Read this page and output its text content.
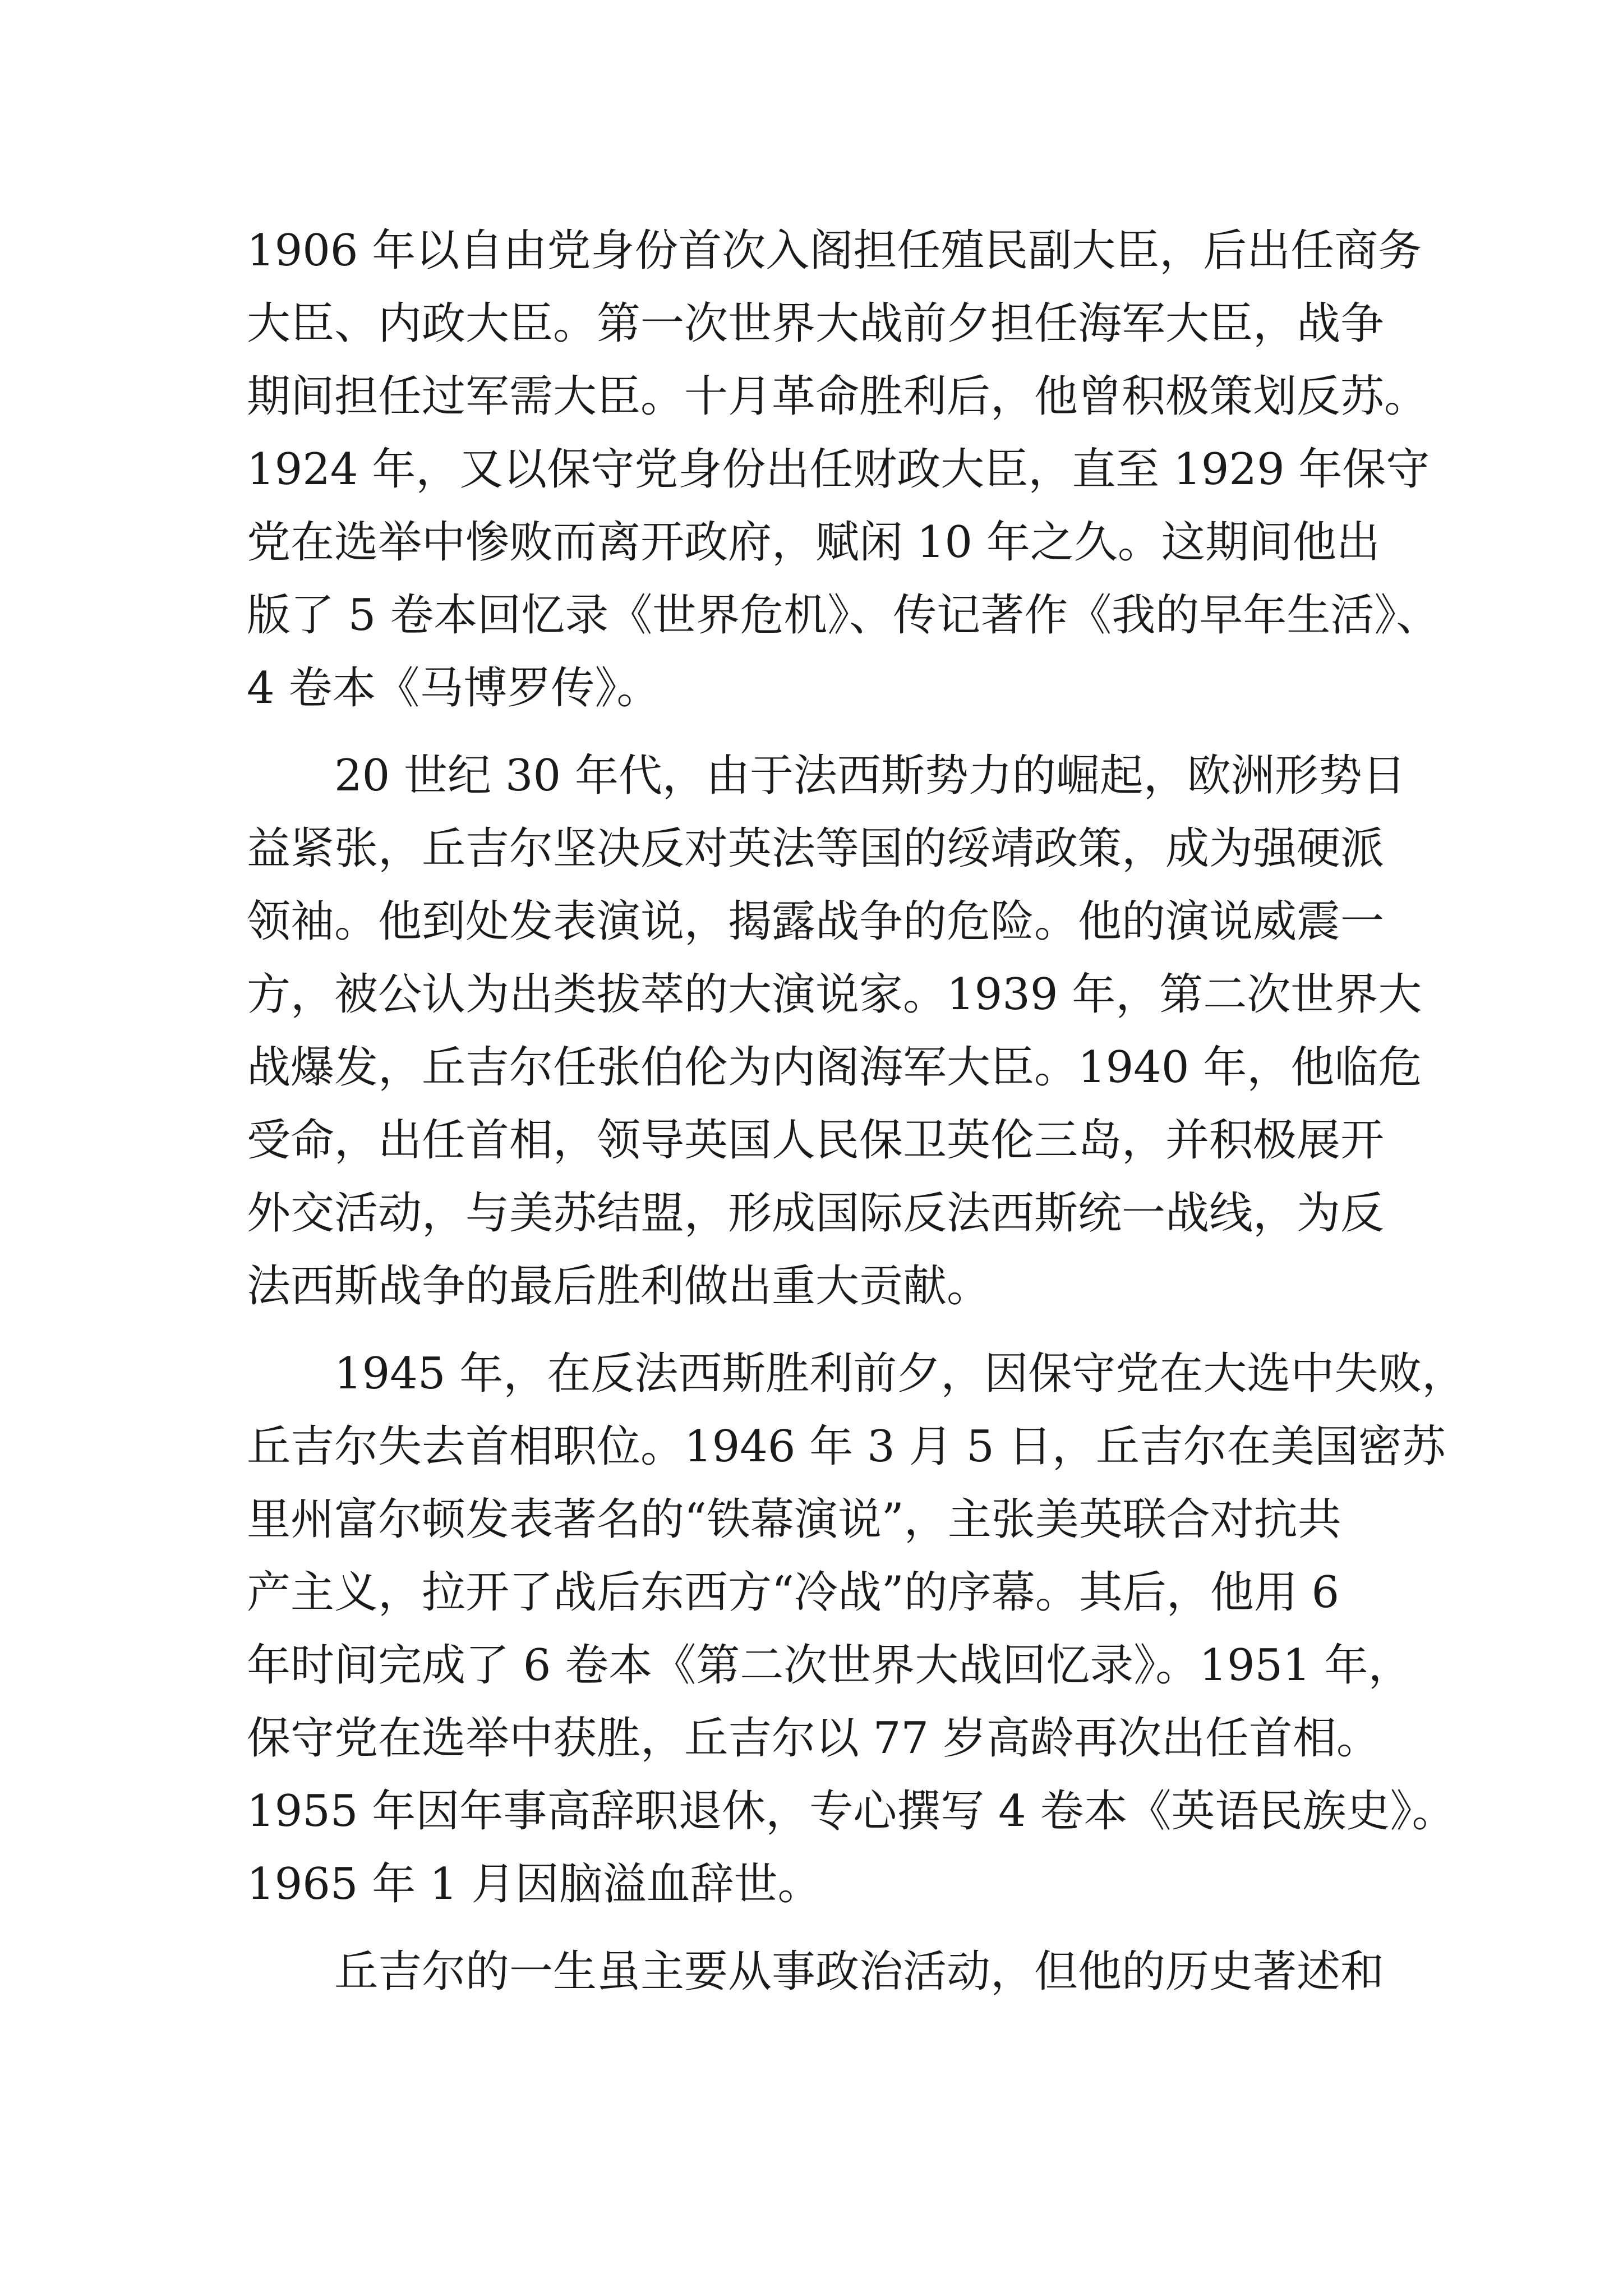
1906 年以自由党身份首次入阁担任殖民副大臣，后出任商务
大臣、内政大臣。第一次世界大战前夕担任海军大臣，战争
期间担任过军需大臣。十月革命胜利后，他曾积极策划反苏。
1924 年，又以保守党身份出任财政大臣，直至 1929 年保守
党在选举中惨败而离开政府，赋闲 10 年之久。这期间他出
版了 5 卷本回忆录《世界危机》、传记著作《我的早年生活》、
4 卷本《马博罗传》。
20 世纪 30 年代，由于法西斯势力的崛起，欧洲形势日
益紧张，丘吉尔坚决反对英法等国的绥靖政策，成为强硬派
领袖。他到处发表演说，揭露战争的危险。他的演说威震一
方，被公认为出类拔萃的大演说家。1939 年，第二次世界大
战爆发，丘吉尔任张伯伦为内阁海军大臣。1940 年，他临危
受命，出任首相，领导英国人民保卫英伦三岛，并积极展开
外交活动，与美苏结盟，形成国际反法西斯统一战线，为反
法西斯战争的最后胜利做出重大贡献。
1945 年，在反法西斯胜利前夕，因保守党在大选中失败，
丘吉尔失去首相职位。1946 年 3 月 5 日，丘吉尔在美国密苏
里州富尔顿发表著名的“铁幕演说”，主张美英联合对抗共
产主义，拉开了战后东西方“冷战”的序幕。其后，他用 6
年时间完成了 6 卷本《第二次世界大战回忆录》。1951 年，
保守党在选举中获胜，丘吉尔以 77 岁高龄再次出任首相。
1955 年因年事高辞职退休，专心撰写 4 卷本《英语民族史》。
1965 年 1 月因脑溢血辞世。
丘吉尔的一生虽主要从事政治活动，但他的历史著述和
